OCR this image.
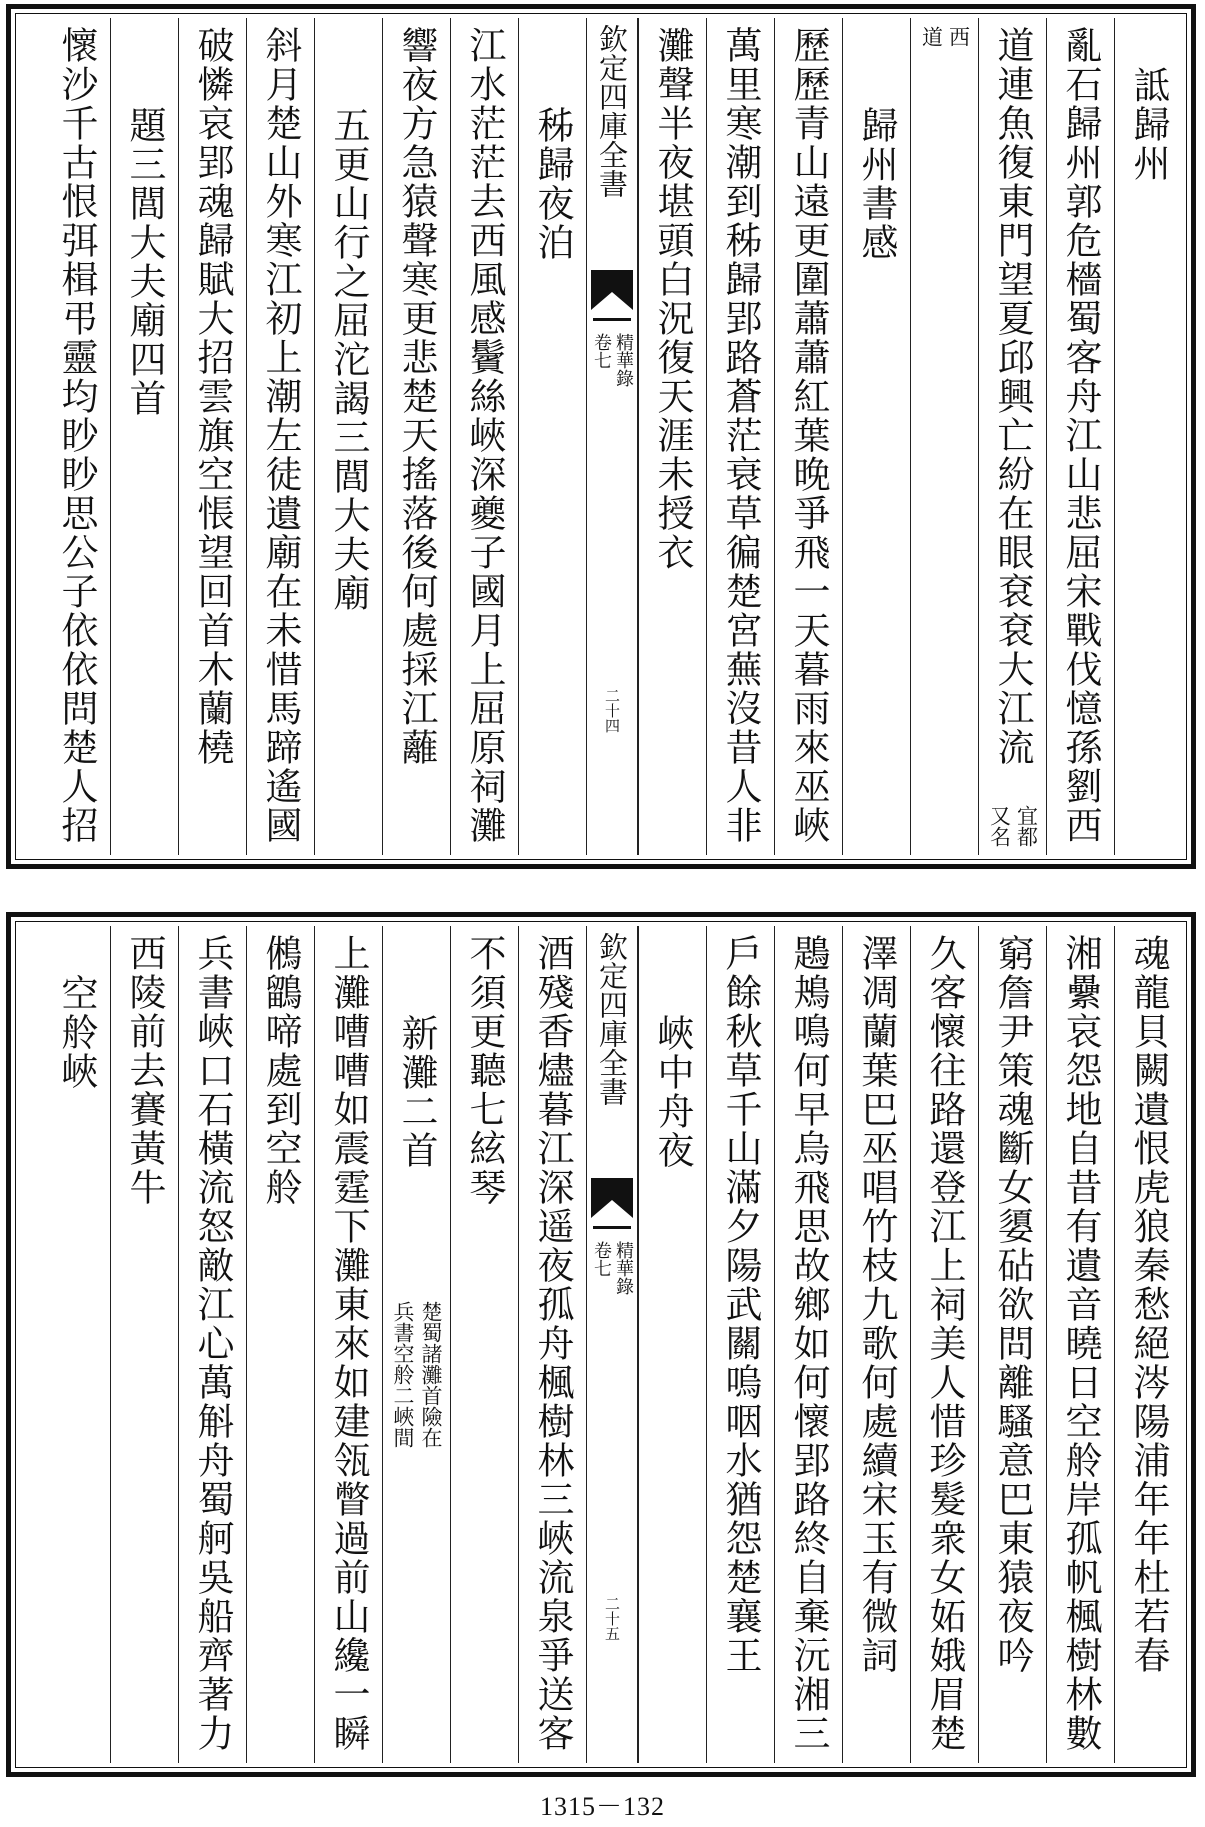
詆歸州
亂石歸州郭危檣蜀客舟江山悲屈宋戰伐憶孫劉西
道連魚復東門望夏邱興亡紛在眼袞袞大江流
宜都
又名
西
道
歸州書感
歷歷青山遠更圍蕭蕭紅葉晚爭飛一天暮雨來巫峽
萬里寒潮到秭歸郢路蒼茫衰草徧楚宮蕪沒昔人非
灘聲半夜堪頭白況復天涯未授衣
欽定四庫全書
精華錄
卷七
二十四
秭歸夜泊
江水茫茫去西風感鬢絲峽深夔子國月上屈原祠灘
響夜方急猿聲寒更悲楚天搖落後何處採江蘺
五更山行之屈沱謁三閭大夫廟
斜月楚山外寒江初上潮左徒遺廟在未惜馬蹄遙國
破憐哀郢魂歸賦大招雲旗空悵望回首木蘭橈
題三閭大夫廟四首
懷沙千古恨弭楫弔靈均眇眇思公子依依問楚人招
魂龍貝闕遺恨虎狼秦愁絕涔陽浦年年杜若春
湘纍哀怨地自昔有遺音曉日空舲岸孤帆楓樹林數
窮詹尹策魂斷女嬃砧欲問離騷意巴東猿夜吟
久客懷往路還登江上祠美人惜珍髮衆女妬娥眉楚
澤凋蘭葉巴巫唱竹枝九歌何處續宋玉有微詞
鶗鴂鳴何早烏飛思故鄉如何懷郢路終自棄沅湘三
戶餘秋草千山滿夕陽武關嗚咽水猶怨楚襄王
峽中舟夜
欽定四庫全書
精華錄
卷七
二十五
酒殘香燼暮江深遥夜孤舟楓樹林三峽流泉爭送客
不須更聽七絃琴
新灘二首
楚蜀諸灘首險在
兵書空舲二峽間
上灘嘈嘈如震霆下灘東來如建瓴瞥過前山纔一瞬
鵂鶹啼處到空舲
兵書峽口石橫流怒敵江心萬斛舟蜀舸吳船齊著力
西陵前去賽黃牛
空舲峽
1315－132
